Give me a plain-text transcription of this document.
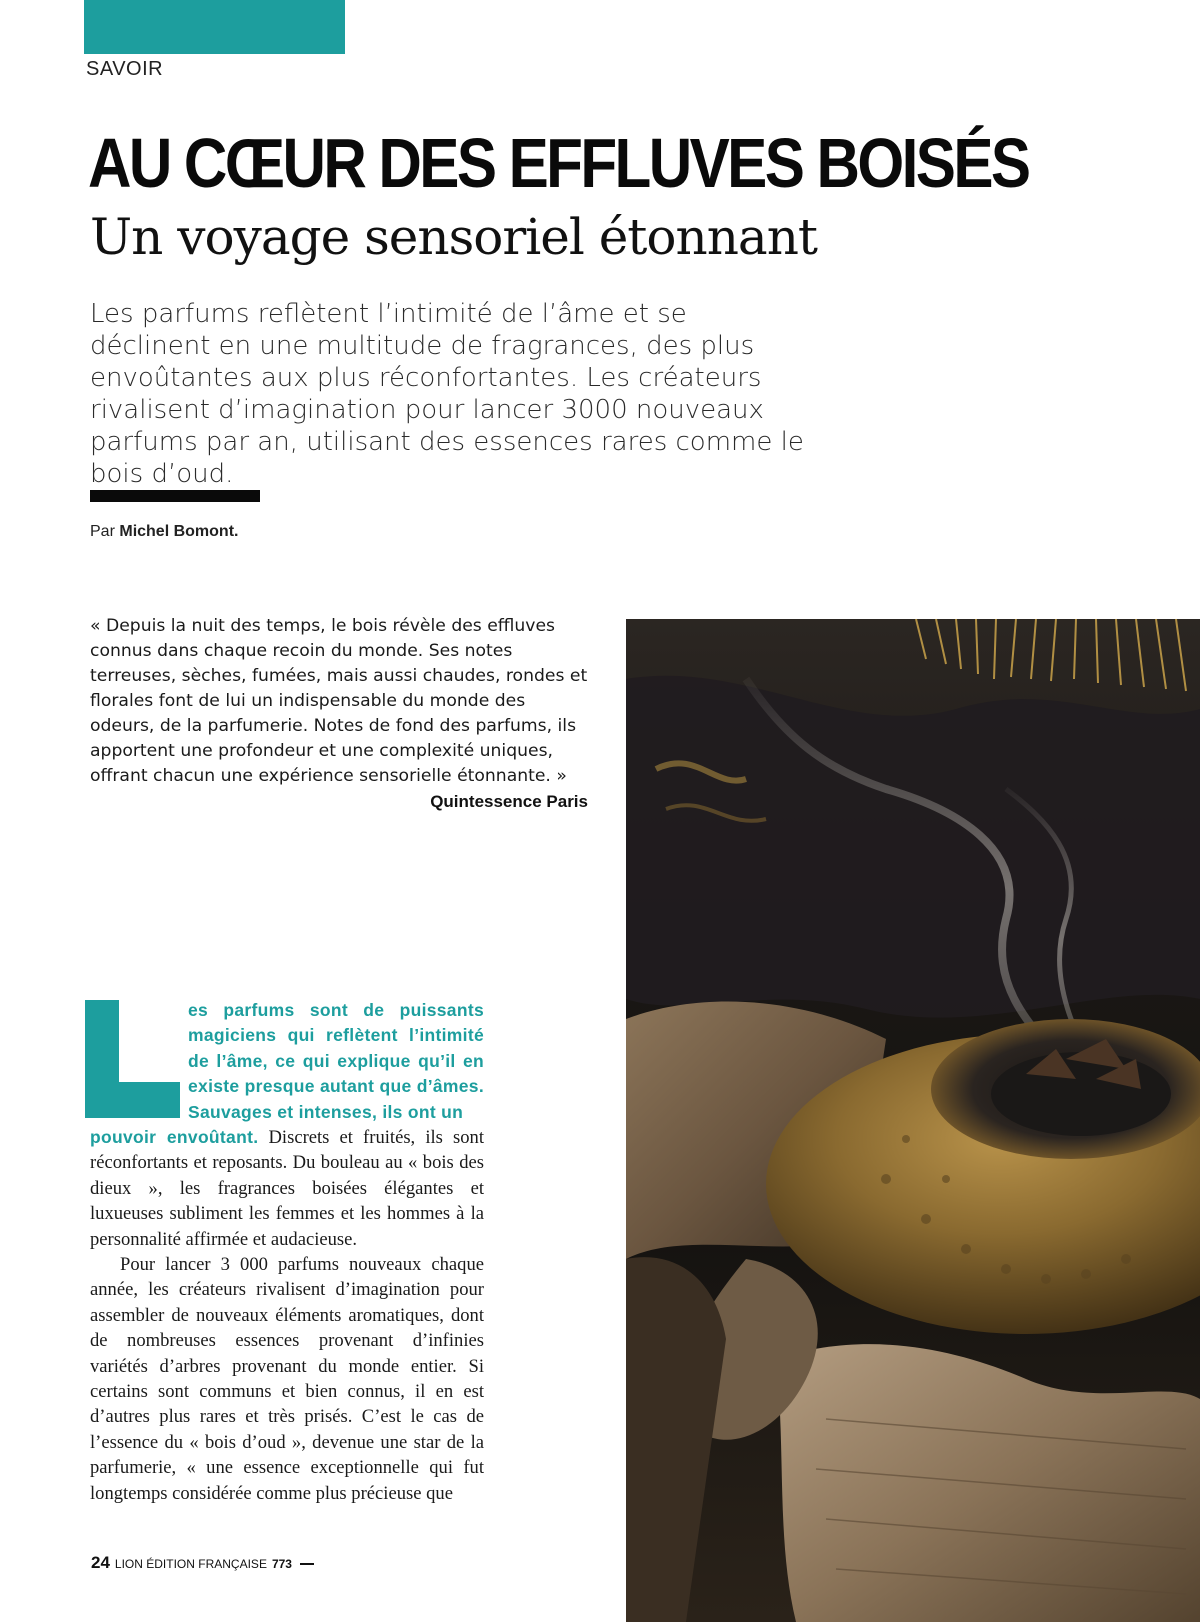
SAVOIR
AU CŒUR DES EFFLUVES BOISÉS
Un voyage sensoriel étonnant
Les parfums reflètent l’intimité de l’âme et se déclinent en une multitude de fragrances, des plus envoûtantes aux plus réconfortantes. Les créateurs rivalisent d’imagination pour lancer 3000 nouveaux parfums par an, utilisant des essences rares comme le bois d’oud.
Par Michel Bomont.
« Depuis la nuit des temps, le bois révèle des effluves connus dans chaque recoin du monde. Ses notes terreuses, sèches, fumées, mais aussi chaudes, rondes et florales font de lui un indispensable du monde des odeurs, de la parfumerie. Notes de fond des parfums, ils apportent une profondeur et une complexité uniques, offrant chacun une expérience sensorielle étonnante. »
Quintessence Paris
es parfums sont de puissants magiciens qui reflètent l’intimité de l’âme, ce qui explique qu’il en existe presque autant que d’âmes. Sauvages et intenses, ils ont un

pouvoir envoûtant. Discrets et fruités, ils sont réconfortants et reposants. Du bouleau au « bois des dieux », les fragrances boisées élégantes et luxueuses subliment les femmes et les hommes à la personnalité affirmée et audacieuse.

Pour lancer 3 000 parfums nouveaux chaque année, les créateurs rivalisent d’imagination pour assembler de nouveaux éléments aromatiques, dont de nombreuses essences provenant d’infinies variétés d’arbres provenant du monde entier. Si certains sont communs et bien connus, il en est d’autres plus rares et très prisés. C’est le cas de l’essence du « bois d’oud », devenue une star de la parfumerie, « une essence exceptionnelle qui fut longtemps considérée comme plus précieuse que

24 LION ÉDITION FRANÇAISE 773
